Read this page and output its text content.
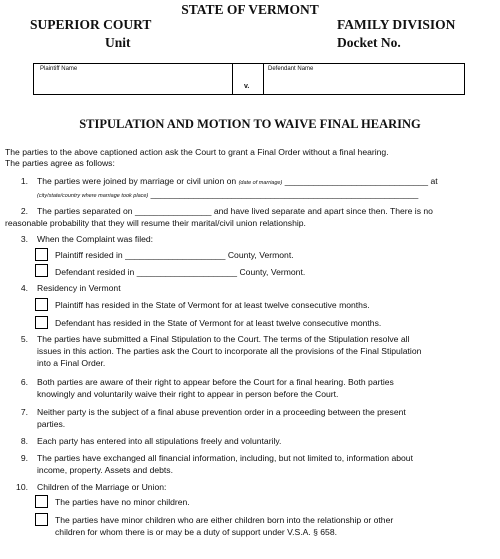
STATE OF VERMONT
SUPERIOR COURT
Unit
FAMILY DIVISION
Docket No.
Plaintiff Name
v.
Defendant Name
STIPULATION AND MOTION TO WAIVE FINAL HEARING
The parties to the above captioned action ask the Court to grant a Final Order without a final hearing.
The parties agree as follows:
1. The parties were joined by marriage or civil union on (date of marriage) ______________________________ at
(city/state/country where marriage took place) ________________________________________________________
2. The parties separated on ________________ and have lived separate and apart since then. There is no
reasonable probability that they will resume their marital/civil union relationship.
3. When the Complaint was filed:
Plaintiff resided in _____________________ County, Vermont.
Defendant resided in _____________________ County, Vermont.
4. Residency in Vermont
Plaintiff has resided in the State of Vermont for at least twelve consecutive months.
Defendant has resided in the State of Vermont for at least twelve consecutive months.
5. The parties have submitted a Final Stipulation to the Court. The terms of the Stipulation resolve all
issues in this action. The parties ask the Court to incorporate all the provisions of the Final Stipulation
into a Final Order.
6. Both parties are aware of their right to appear before the Court for a final hearing. Both parties
knowingly and voluntarily waive their right to appear in person before the Court.
7. Neither party is the subject of a final abuse prevention order in a proceeding between the present
parties.
8. Each party has entered into all stipulations freely and voluntarily.
9. The parties have exchanged all financial information, including, but not limited to, information about
income, property. Assets and debts.
10. Children of the Marriage or Union:
The parties have no minor children.
The parties have minor children who are either children born into the relationship or other
children for whom there is or may be a duty of support under V.S.A. § 658.
